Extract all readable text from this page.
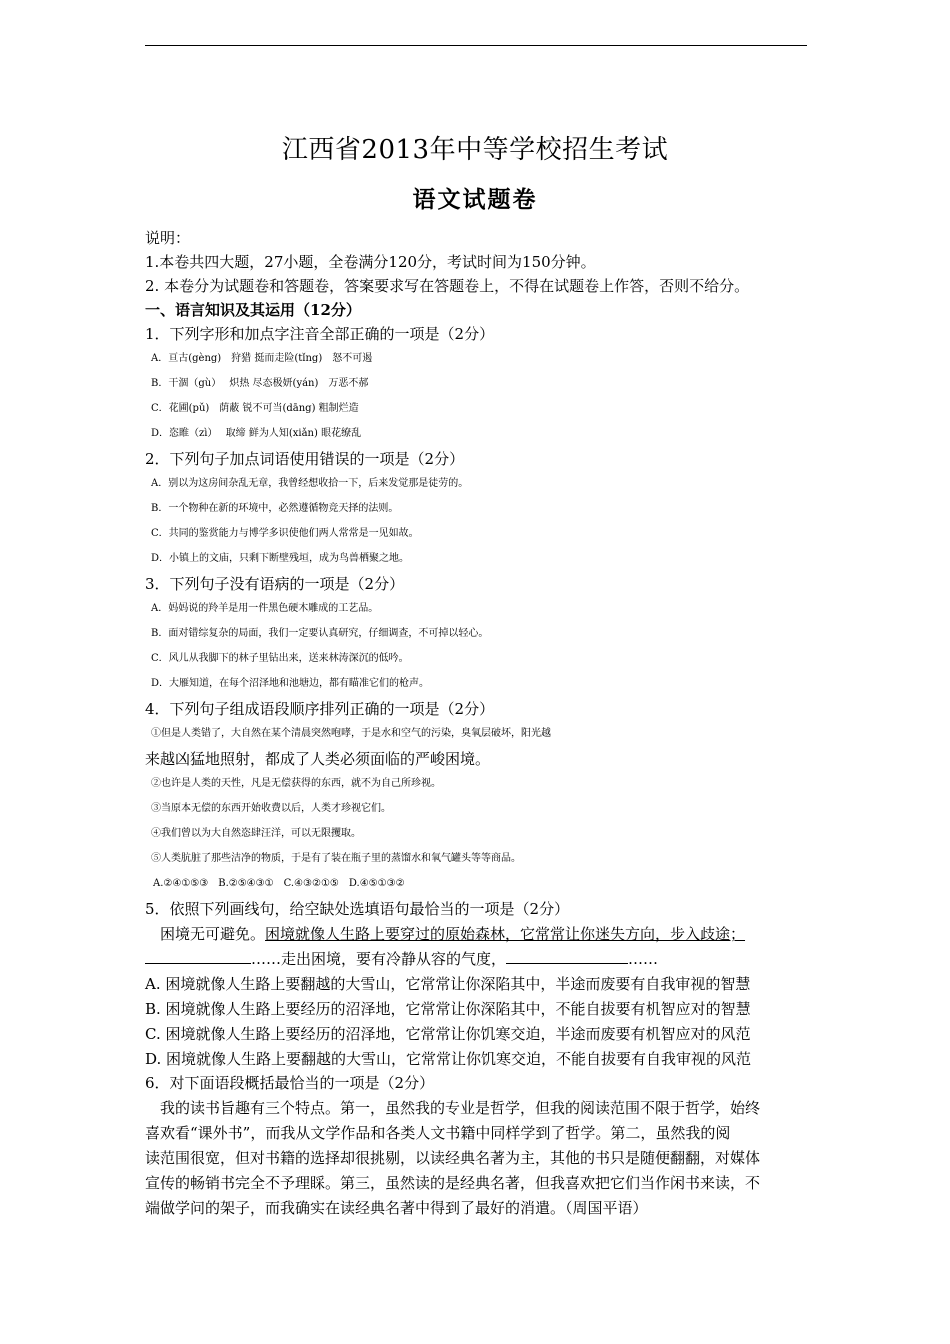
江西省2013年中等学校招生考试
语文试题卷
说明：
1.本卷共四大题，27小题，全卷满分120分，考试时间为150分钟。
2. 本卷分为试题卷和答题卷，答案要求写在答题卷上，不得在试题卷上作答，否则不给分。
一、语言知识及其运用（12分）
1．下列字形和加点字注音全部正确的一项是（2分）
A．亘古(gèng)　狩猎 挺而走险(tǐng)　怒不可遏
B．干涸（gù）　 炽热 尽态极妍(yán)　万恶不郝
C．花圃(pǔ)　荫蔽 锐不可当(dāng) 粗制烂造
D．恣睢（zì）　 取缔 鲜为人知(xiǎn) 眼花缭乱
2．下列句子加点词语使用错误的一项是（2分）
A．别以为这房间杂乱无章，我曾经想收拾一下，后来发觉那是徒劳的。
B．一个物种在新的环境中，必然遵循物竞天择的法则。
C．共同的鉴赏能力与博学多识使他们两人常常是一见如故。
D．小镇上的文庙，只剩下断壁残垣，成为鸟兽栖聚之地。
3．下列句子没有语病的一项是（2分）
A．妈妈说的羚羊是用一件黑色硬木雕成的工艺品。
B．面对错综复杂的局面，我们一定要认真研究，仔细调查，不可掉以轻心。
C．风儿从我脚下的林子里钻出来，送来林涛深沉的低吟。
D．大雁知道，在每个沼泽地和池塘边，都有瞄准它们的枪声。
4．下列句子组成语段顺序排列正确的一项是（2分）
①但是人类错了，大自然在某个清晨突然咆哮，于是水和空气的污染，臭氧层破坏，阳光越
来越凶猛地照射，都成了人类必须面临的严峻困境。
②也许是人类的天性，凡是无偿获得的东西，就不为自己所珍视。
③当原本无偿的东西开始收费以后，人类才珍视它们。
④我们曾以为大自然恣肆汪洋，可以无限攫取。
⑤人类肮脏了那些洁净的物质，于是有了装在瓶子里的蒸馏水和氧气罐头等等商品。
A.②④①⑤③　B.②⑤④③①　C.④③②①⑤　D.④⑤①③②
5．依照下列画线句，给空缺处选填语句最恰当的一项是（2分）
困境无可避免。困境就像人生路上要穿过的原始森林，它常常让你迷失方向，步入歧途；
……走出困境，要有冷静从容的气度，	……
A. 困境就像人生路上要翻越的大雪山，它常常让你深陷其中，半途而废要有自我审视的智慧
B. 困境就像人生路上要经历的沼泽地，它常常让你深陷其中，不能自拔要有机智应对的智慧
C. 困境就像人生路上要经历的沼泽地，它常常让你饥寒交迫，半途而废要有机智应对的风范
D. 困境就像人生路上要翻越的大雪山，它常常让你饥寒交迫，不能自拔要有自我审视的风范
6．对下面语段概括最恰当的一项是（2分）
我的读书旨趣有三个特点。第一，虽然我的专业是哲学，但我的阅读范围不限于哲学，始终
喜欢看“课外书”，而我从文学作品和各类人文书籍中同样学到了哲学。第二，虽然我的阅
读范围很宽，但对书籍的选择却很挑剔，以读经典名著为主，其他的书只是随便翻翻，对媒体
宣传的畅销书完全不予理睬。第三，虽然读的是经典名著，但我喜欢把它们当作闲书来读，不
端做学问的架子，而我确实在读经典名著中得到了最好的消遣。（周国平语）
